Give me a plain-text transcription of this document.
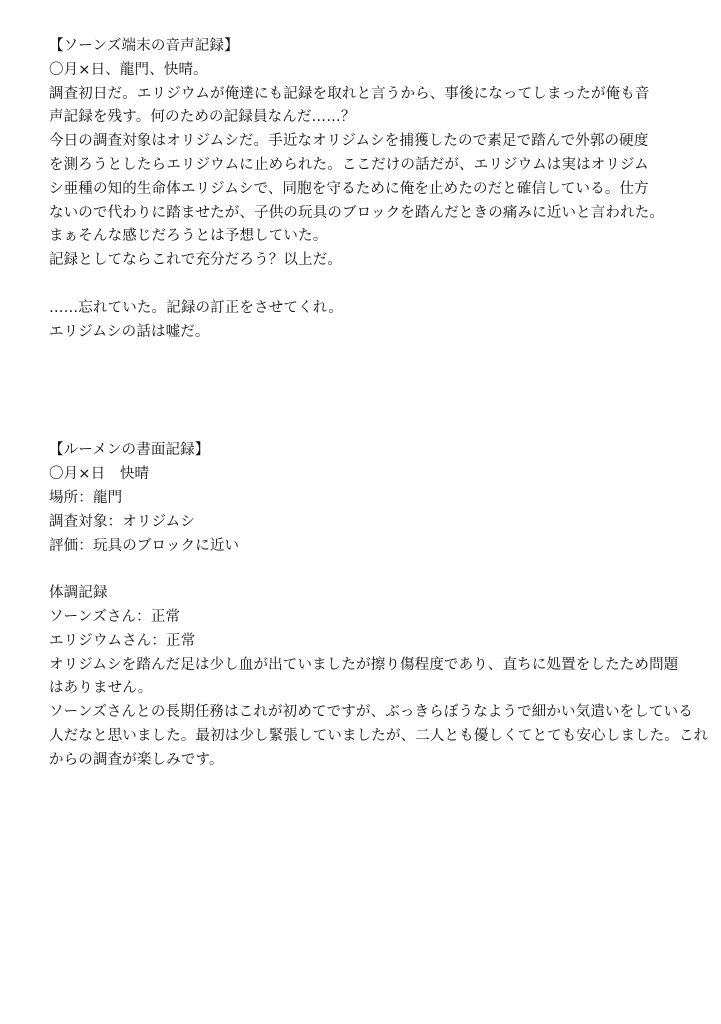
【ソーンズ端末の音声記録】
〇月×日、龍門、快晴。
調査初日だ。エリジウムが俺達にも記録を取れと言うから、事後になってしまったが俺も音
声記録を残す。何のための記録員なんだ……？
今日の調査対象はオリジムシだ。手近なオリジムシを捕獲したので素足で踏んで外郭の硬度
を測ろうとしたらエリジウムに止められた。ここだけの話だが、エリジウムは実はオリジム
シ亜種の知的生命体エリジムシで、同胞を守るために俺を止めたのだと確信している。仕方
ないので代わりに踏ませたが、子供の玩具のブロックを踏んだときの痛みに近いと言われた。
まぁそんな感じだろうとは予想していた。
記録としてならこれで充分だろう？以上だ。
……忘れていた。記録の訂正をさせてくれ。
エリジムシの話は嘘だ。
【ルーメンの書面記録】
〇月×日　快晴
場所：龍門
調査対象：オリジムシ
評価：玩具のブロックに近い
体調記録
ソーンズさん：正常
エリジウムさん：正常
オリジムシを踏んだ足は少し血が出ていましたが擦り傷程度であり、直ちに処置をしたため問題
はありません。
ソーンズさんとの長期任務はこれが初めてですが、ぶっきらぼうなようで細かい気遣いをしている
人だなと思いました。最初は少し緊張していましたが、二人とも優しくてとても安心しました。これ
からの調査が楽しみです。
